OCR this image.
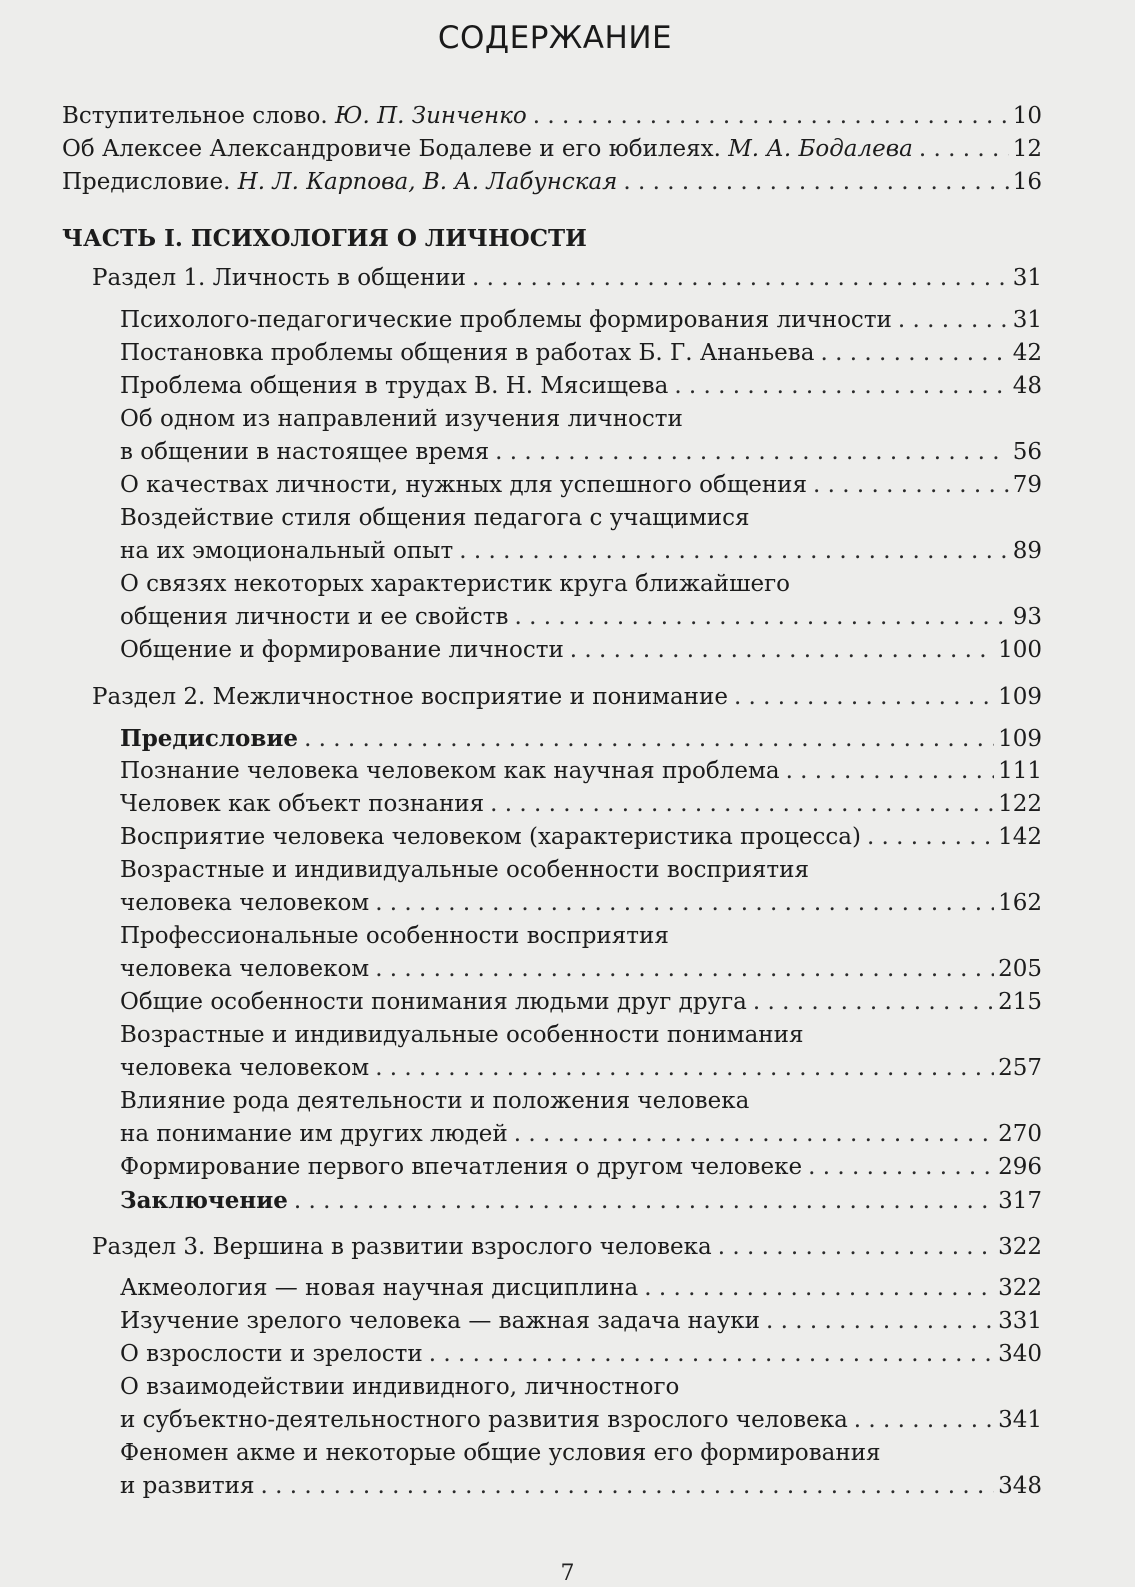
СОДЕРЖАНИЕ
Вступительное слово. Ю. П. Зинченко . . .	10
Об Алексее Александровиче Бодалеве и его юбилеях. М. А. Бодалева . . .	12
Предисловие. Н. Л. Карпова, В. А. Лабунская . . .	16
ЧАСТЬ I. ПСИХОЛОГИЯ О ЛИЧНОСТИ
Раздел 1. Личность в общении . . .	31
Психолого-педагогические проблемы формирования личности . . .	31
Постановка проблемы общения в работах Б. Г. Ананьева . . .	42
Проблема общения в трудах В. Н. Мясищева . . .	48
Об одном из направлений изучения личности
в общении в настоящее время . . .	56
О качествах личности, нужных для успешного общения . . .	79
Воздействие стиля общения педагога с учащимися
на их эмоциональный опыт . . .	89
О связях некоторых характеристик круга ближайшего
общения личности и ее свойств . . .	93
Общение и формирование личности . . .	100
Раздел 2. Межличностное восприятие и понимание . . .	109
Предисловие . . .	109
Познание человека человеком как научная проблема . . .	111
Человек как объект познания . . .	122
Восприятие человека человеком (характеристика процесса) . . .	142
Возрастные и индивидуальные особенности восприятия
человека человеком . . .	162
Профессиональные особенности восприятия
человека человеком . . .	205
Общие особенности понимания людьми друг друга . . .	215
Возрастные и индивидуальные особенности понимания
человека человеком . . .	257
Влияние рода деятельности и положения человека
на понимание им других людей . . .	270
Формирование первого впечатления о другом человеке . . .	296
Заключение . . .	317
Раздел 3. Вершина в развитии взрослого человека . . .	322
Акмеология — новая научная дисциплина . . .	322
Изучение зрелого человека — важная задача науки . . .	331
О взрослости и зрелости . . .	340
О взаимодействии индивидного, личностного
и субъектно-деятельностного развития взрослого человека . . .	341
Феномен акме и некоторые общие условия его формирования
и развития . . .	348
7
